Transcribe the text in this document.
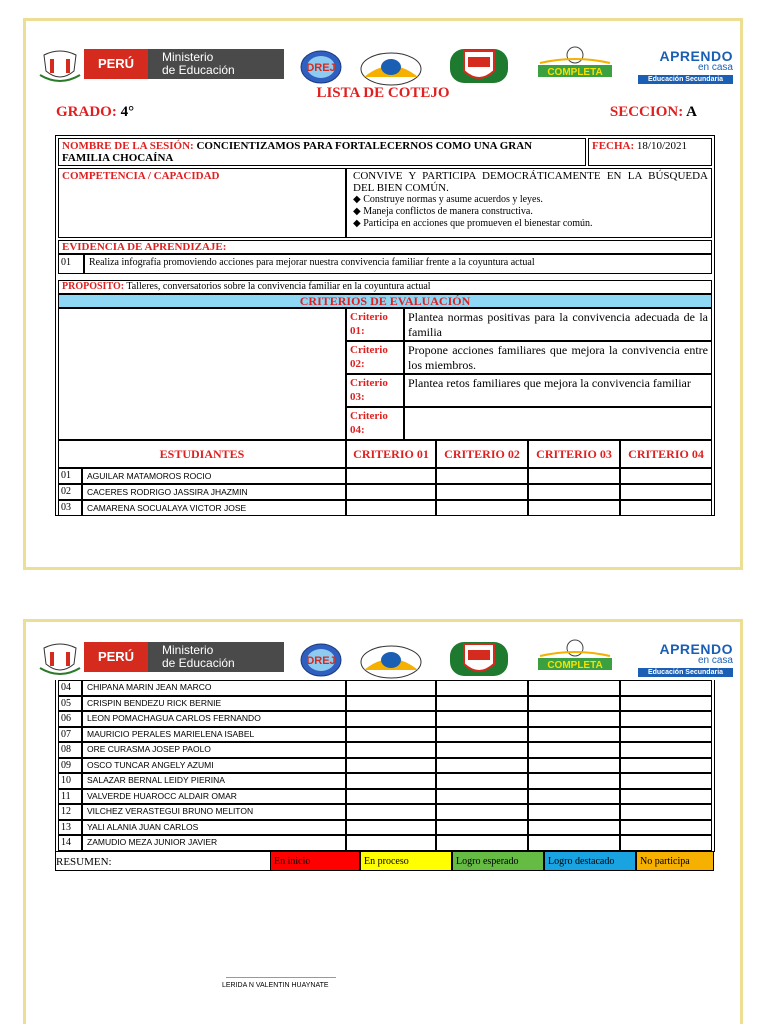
PERÚ	Ministerio
de Educación	DREJ	COMPLETA
APRENDO
en casa
Educación Secundaria
LISTA DE COTEJO
GRADO: 4°	SECCION: A
NOMBRE DE LA SESIÓN: CONCIENTIZAMOS PARA FORTALECERNOS COMO UNA GRAN
FAMILIA CHOCAÍNA
FECHA: 18/10/2021
COMPETENCIA / CAPACIDAD	CONVIVE Y PARTICIPA DEMOCRÁTICAMENTE EN LA BÚSQUEDA DEL BIEN COMÚN.
◆ Construye normas y asume acuerdos y leyes.
◆ Maneja conflictos de manera constructiva.
◆ Participa en acciones que promueven el bienestar común.
EVIDENCIA DE APRENDIZAJE:
01	Realiza infografía promoviendo acciones para mejorar nuestra convivencia familiar frente a la coyuntura actual
PROPOSITO: Talleres, conversatorios sobre la convivencia familiar en la coyuntura actual
CRITERIOS DE EVALUACIÓN
Criterio 01:
Plantea normas positivas para la convivencia adecuada de la familia
Criterio 02:
Propone acciones familiares que mejora la convivencia entre los miembros.
Criterio 03:
Plantea retos familiares que mejora la convivencia familiar
Criterio 04:
ESTUDIANTES	CRITERIO 01	CRITERIO 02	CRITERIO 03	CRITERIO 04
01	AGUILAR MATAMOROS ROCIO
02	CACERES RODRIGO JASSIRA JHAZMIN
03	CAMARENA SOCUALAYA VICTOR JOSE
PERÚ	Ministerio
de Educación	DREJ	COMPLETA
APRENDO
en casa
Educación Secundaria
04	CHIPANA MARIN JEAN MARCO
05	CRISPIN BENDEZU RICK BERNIE
06	LEON POMACHAGUA CARLOS FERNANDO
07	MAURICIO PERALES MARIELENA ISABEL
08	ORE CURASMA JOSEP PAOLO
09	OSCO TUNCAR ANGELY AZUMI
10	SALAZAR BERNAL LEIDY PIERINA
11	VALVERDE HUAROCC ALDAIR OMAR
12	VILCHEZ VERASTEGUI BRUNO MELITON
13	YALI ALANIA JUAN CARLOS
14	ZAMUDIO MEZA JUNIOR JAVIER
RESUMEN:	En inicio	En proceso	Logro esperado	Logro destacado	No participa
LERIDA N VALENTIN HUAYNATE
